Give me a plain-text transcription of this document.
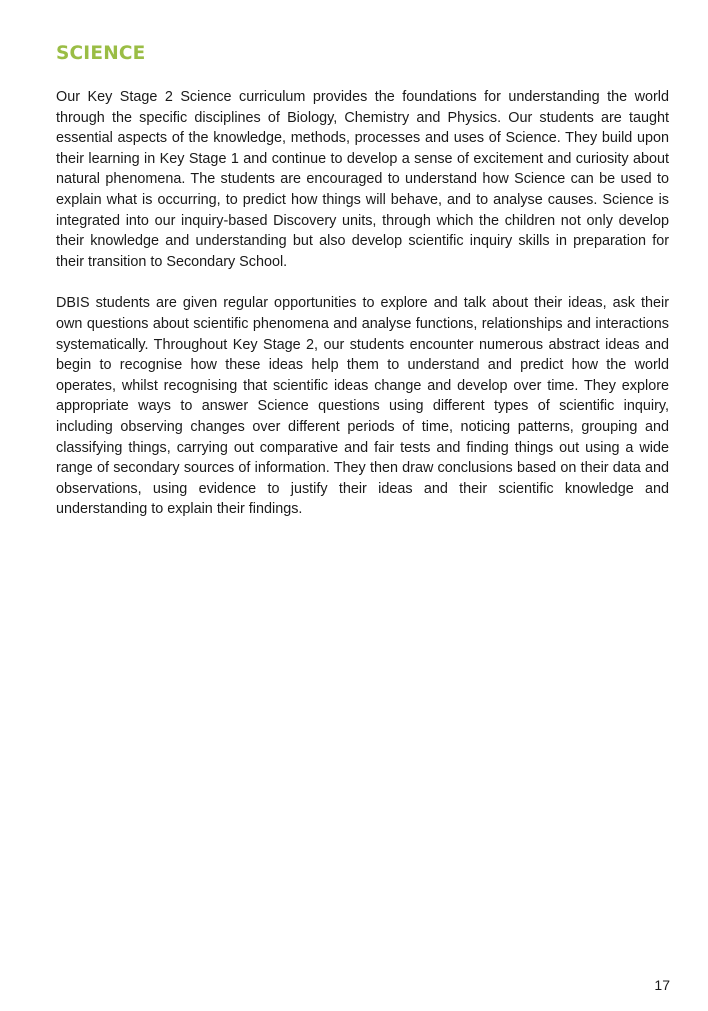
SCIENCE

Our Key Stage 2 Science curriculum provides the foundations for understanding the world through the specific disciplines of Biology, Chemistry and Physics. Our students are taught essential aspects of the knowledge, methods, processes and uses of Science. They build upon their learning in Key Stage 1 and continue to develop a sense of excitement and curiosity about natural phenomena. The students are encouraged to understand how Science can be used to explain what is occurring, to predict how things will behave, and to analyse causes. Science is integrated into our inquiry-based Discovery units, through which the children not only develop their knowledge and understanding but also develop scientific inquiry skills in preparation for their transition to Secondary School.

DBIS students are given regular opportunities to explore and talk about their ideas, ask their own questions about scientific phenomena and analyse functions, relationships and interactions systematically. Throughout Key Stage 2, our students encounter numerous abstract ideas and begin to recognise how these ideas help them to understand and predict how the world operates, whilst recognising that scientific ideas change and develop over time. They explore appropriate ways to answer Science questions using different types of scientific inquiry, including observing changes over different periods of time, noticing patterns, grouping and classifying things, carrying out comparative and fair tests and finding things out using a wide range of secondary sources of information. They then draw conclusions based on their data and observations, using evidence to justify their ideas and their scientific knowledge and understanding to explain their findings.

17
